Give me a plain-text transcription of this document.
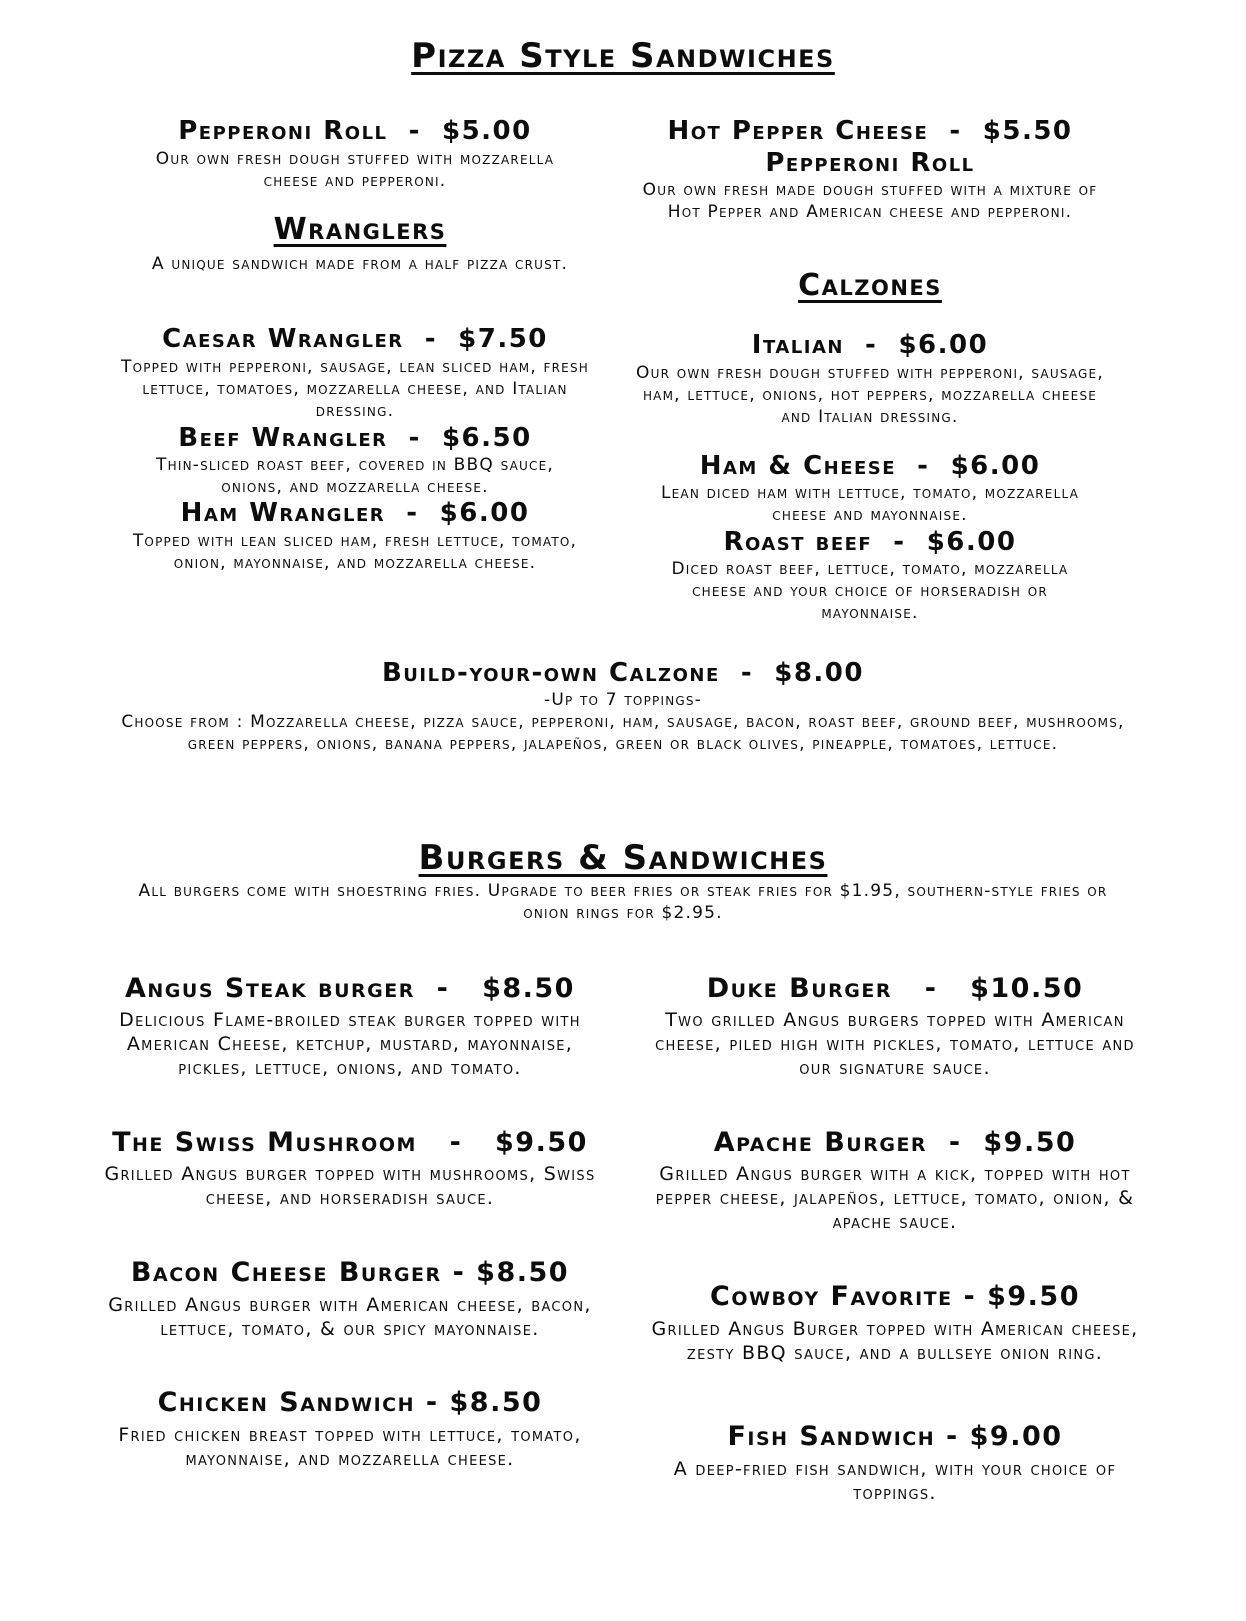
Pizza Style Sandwiches
Pepperoni Roll  -  $5.00
Our own fresh dough stuffed with mozzarella cheese and pepperoni.
Wranglers
A unique sandwich made from a half pizza crust.
Caesar Wrangler  -  $7.50
Topped with pepperoni, sausage, lean sliced ham, fresh lettuce, tomatoes, mozzarella cheese, and Italian dressing.
Beef Wrangler  -  $6.50
Thin-sliced roast beef, covered in BBQ sauce, onions, and mozzarella cheese.
Ham Wrangler  -  $6.00
Topped with lean sliced ham, fresh lettuce, tomato, onion, mayonnaise, and mozzarella cheese.
Hot Pepper Cheese  -  $5.50
Pepperoni Roll
Our own fresh made dough stuffed with a mixture of Hot Pepper and American cheese and pepperoni.
Calzones
Italian  -  $6.00
Our own fresh dough stuffed with pepperoni, sausage, ham, lettuce, onions, hot peppers, mozzarella cheese and Italian dressing.
Ham & Cheese  -  $6.00
Lean diced ham with lettuce, tomato, mozzarella cheese and mayonnaise.
Roast beef  -  $6.00
Diced roast beef, lettuce, tomato, mozzarella cheese and your choice of horseradish or mayonnaise.
Build-your-own Calzone  -  $8.00
-Up to 7 toppings-
Choose from : Mozzarella cheese, pizza sauce, pepperoni, ham, sausage, bacon, roast beef, ground beef, mushrooms, green peppers, onions, banana peppers, jalapeños, green or black olives, pineapple, tomatoes, lettuce.
Burgers & Sandwiches
All burgers come with shoestring fries. Upgrade to beer fries or steak fries for $1.95, southern-style fries or onion rings for $2.95.
Angus Steak burger  -   $8.50
Delicious Flame-broiled steak burger topped with American Cheese, ketchup, mustard, mayonnaise, pickles, lettuce, onions, and tomato.
The Swiss Mushroom   -   $9.50
Grilled Angus burger topped with mushrooms, Swiss cheese, and horseradish sauce.
Bacon Cheese Burger - $8.50
Grilled Angus burger with American cheese, bacon, lettuce, tomato, & our spicy mayonnaise.
Chicken Sandwich - $8.50
Fried chicken breast topped with lettuce, tomato, mayonnaise, and mozzarella cheese.
Duke Burger   -   $10.50
Two grilled Angus burgers topped with American cheese, piled high with pickles, tomato, lettuce and our signature sauce.
Apache Burger  -  $9.50
Grilled Angus burger with a kick, topped with hot pepper cheese, jalapeños, lettuce, tomato, onion, & apache sauce.
Cowboy Favorite - $9.50
Grilled Angus Burger topped with American cheese, zesty BBQ sauce, and a bullseye onion ring.
Fish Sandwich - $9.00
A deep-fried fish sandwich, with your choice of toppings.
